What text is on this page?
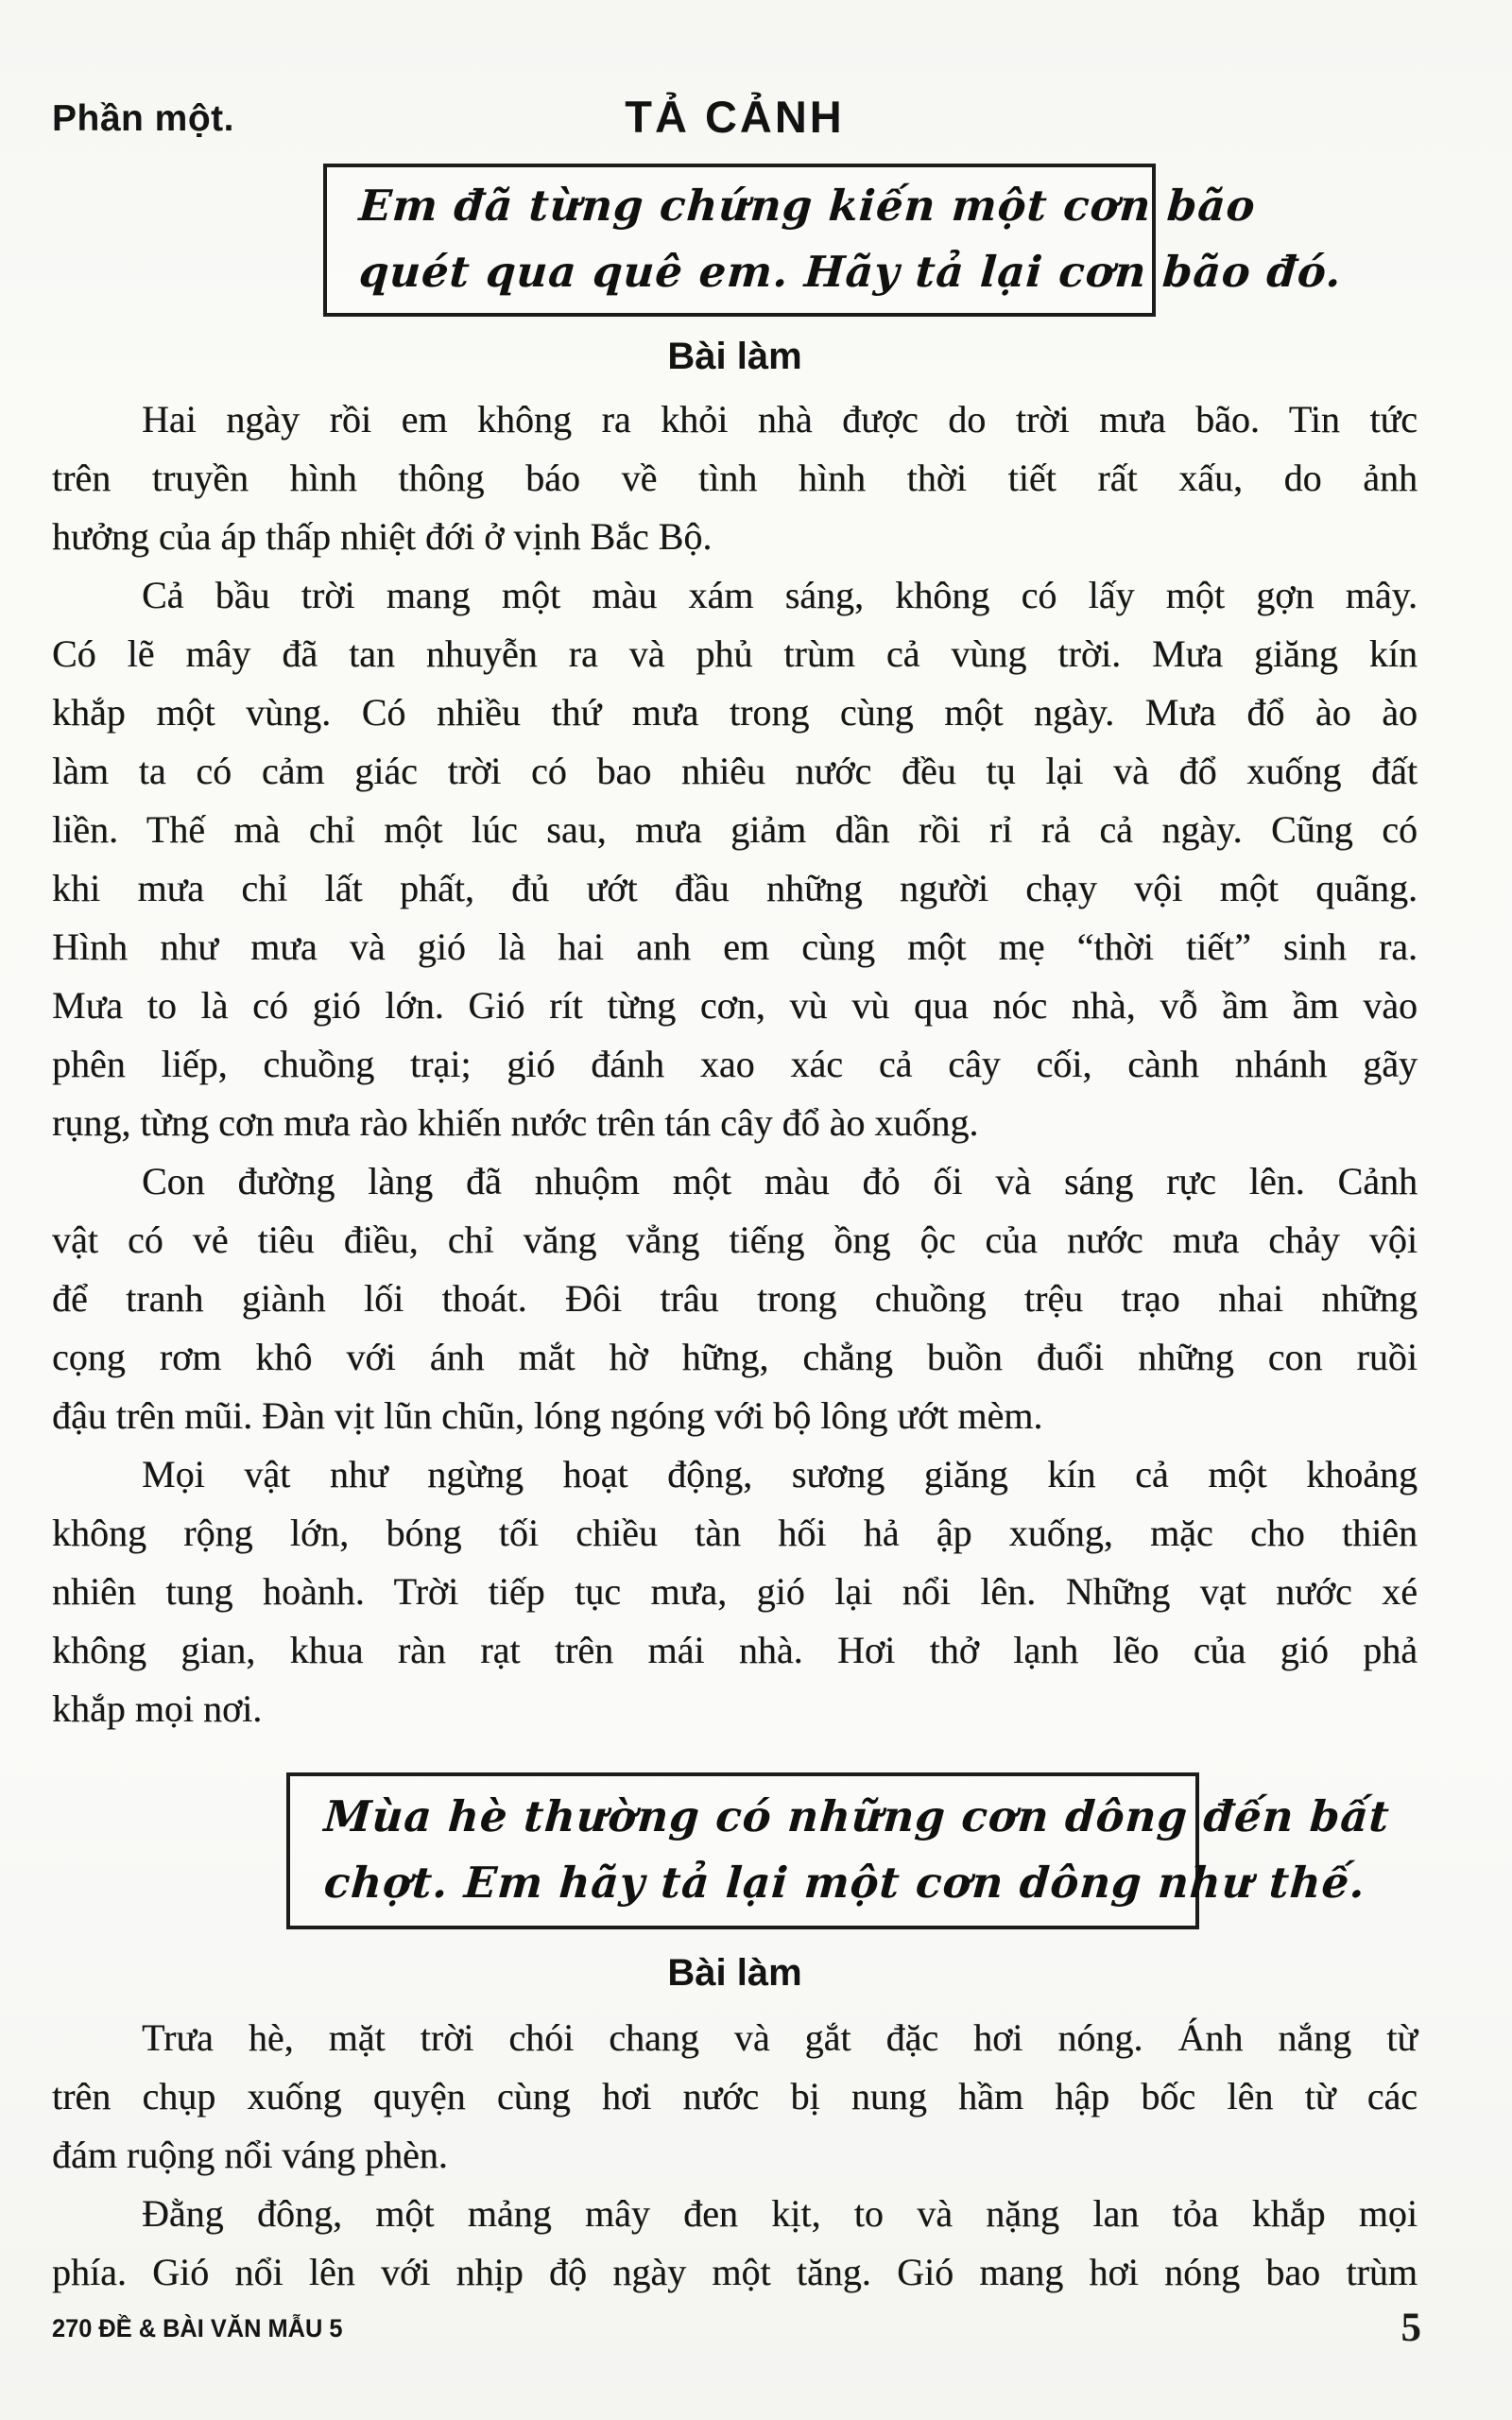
Phần một.	TẢ CẢNH
Em đã từng chứng kiến một cơn bão
quét qua quê em. Hãy tả lại cơn bão đó.
Bài làm
Hai ngày rồi em không ra khỏi nhà được do trời mưa bão. Tin tức
trên truyền hình thông báo về tình hình thời tiết rất xấu, do ảnh
hưởng của áp thấp nhiệt đới ở vịnh Bắc Bộ.
Cả bầu trời mang một màu xám sáng, không có lấy một gợn mây.
Có lẽ mây đã tan nhuyễn ra và phủ trùm cả vùng trời. Mưa giăng kín
khắp một vùng. Có nhiều thứ mưa trong cùng một ngày. Mưa đổ ào ào
làm ta có cảm giác trời có bao nhiêu nước đều tụ lại và đổ xuống đất
liền. Thế mà chỉ một lúc sau, mưa giảm dần rồi rỉ rả cả ngày. Cũng có
khi mưa chỉ lất phất, đủ ướt đầu những người chạy vội một quãng.
Hình như mưa và gió là hai anh em cùng một mẹ “thời tiết” sinh ra.
Mưa to là có gió lớn. Gió rít từng cơn, vù vù qua nóc nhà, vỗ ầm ầm vào
phên liếp, chuồng trại; gió đánh xao xác cả cây cối, cành nhánh gãy
rụng, từng cơn mưa rào khiến nước trên tán cây đổ ào xuống.
Con đường làng đã nhuộm một màu đỏ ối và sáng rực lên. Cảnh
vật có vẻ tiêu điều, chỉ văng vẳng tiếng ồng ộc của nước mưa chảy vội
để tranh giành lối thoát. Đôi trâu trong chuồng trệu trạo nhai những
cọng rơm khô với ánh mắt hờ hững, chẳng buồn đuổi những con ruồi
đậu trên mũi. Đàn vịt lũn chũn, lóng ngóng với bộ lông ướt mèm.
Mọi vật như ngừng hoạt động, sương giăng kín cả một khoảng
không rộng lớn, bóng tối chiều tàn hối hả ập xuống, mặc cho thiên
nhiên tung hoành. Trời tiếp tục mưa, gió lại nổi lên. Những vạt nước xé
không gian, khua ràn rạt trên mái nhà. Hơi thở lạnh lẽo của gió phả
khắp mọi nơi.
Mùa hè thường có những cơn dông đến bất
chợt. Em hãy tả lại một cơn dông như thế.
Bài làm
Trưa hè, mặt trời chói chang và gắt đặc hơi nóng. Ánh nắng từ
trên chụp xuống quyện cùng hơi nước bị nung hầm hập bốc lên từ các
đám ruộng nổi váng phèn.
Đằng đông, một mảng mây đen kịt, to và nặng lan tỏa khắp mọi
phía. Gió nổi lên với nhịp độ ngày một tăng. Gió mang hơi nóng bao trùm
270 ĐỀ & BÀI VĂN MẪU 5	5
